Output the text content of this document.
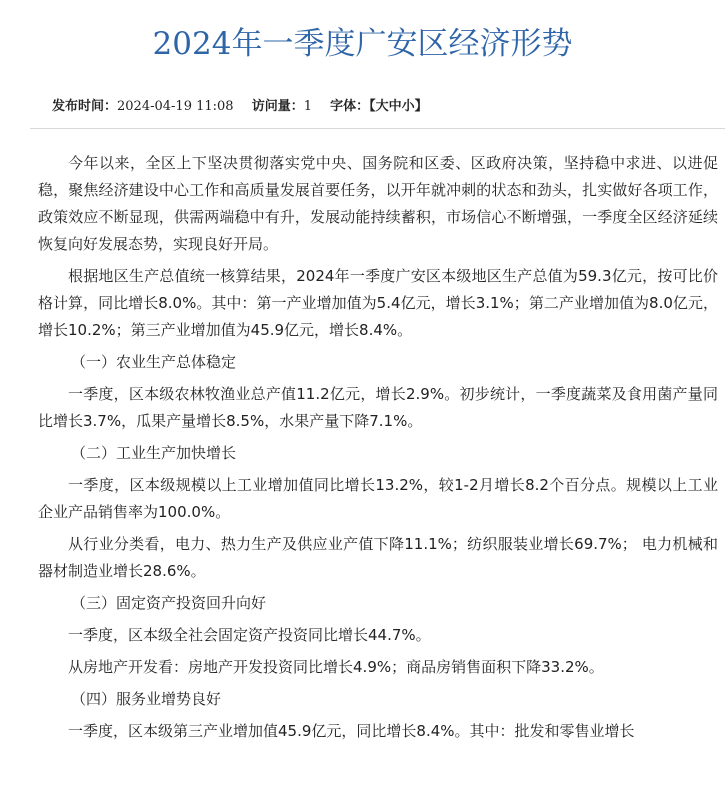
2024年一季度广安区经济形势
发布时间：2024-04-19 11:08 访问量：1 字体：【大中小】

今年以来，全区上下坚决贯彻落实党中央、国务院和区委、区政府决策，坚持稳中求进、以进促稳，聚焦经济建设中心工作和高质量发展首要任务，以开年就冲刺的状态和劲头，扎实做好各项工作，政策效应不断显现，供需两端稳中有升，发展动能持续蓄积，市场信心不断增强，一季度全区经济延续恢复向好发展态势，实现良好开局。

根据地区生产总值统一核算结果，2024年一季度广安区本级地区生产总值为59.3亿元，按可比价格计算，同比增长8.0%。其中：第一产业增加值为5.4亿元，增长3.1%；第二产业增加值为8.0亿元，增长10.2%；第三产业增加值为45.9亿元，增长8.4%。

（一）农业生产总体稳定

一季度，区本级农林牧渔业总产值11.2亿元，增长2.9%。初步统计，一季度蔬菜及食用菌产量同比增长3.7%，瓜果产量增长8.5%，水果产量下降7.1%。

（二）工业生产加快增长

一季度，区本级规模以上工业增加值同比增长13.2%，较1-2月增长8.2个百分点。规模以上工业企业产品销售率为100.0%。

从行业分类看，电力、热力生产及供应业产值下降11.1%；纺织服装业增长69.7%； 电力机械和器材制造业增长28.6%。

（三）固定资产投资回升向好

一季度，区本级全社会固定资产投资同比增长44.7%。

从房地产开发看：房地产开发投资同比增长4.9%；商品房销售面积下降33.2%。

（四）服务业增势良好

一季度，区本级第三产业增加值45.9亿元，同比增长8.4%。其中：批发和零售业增长
